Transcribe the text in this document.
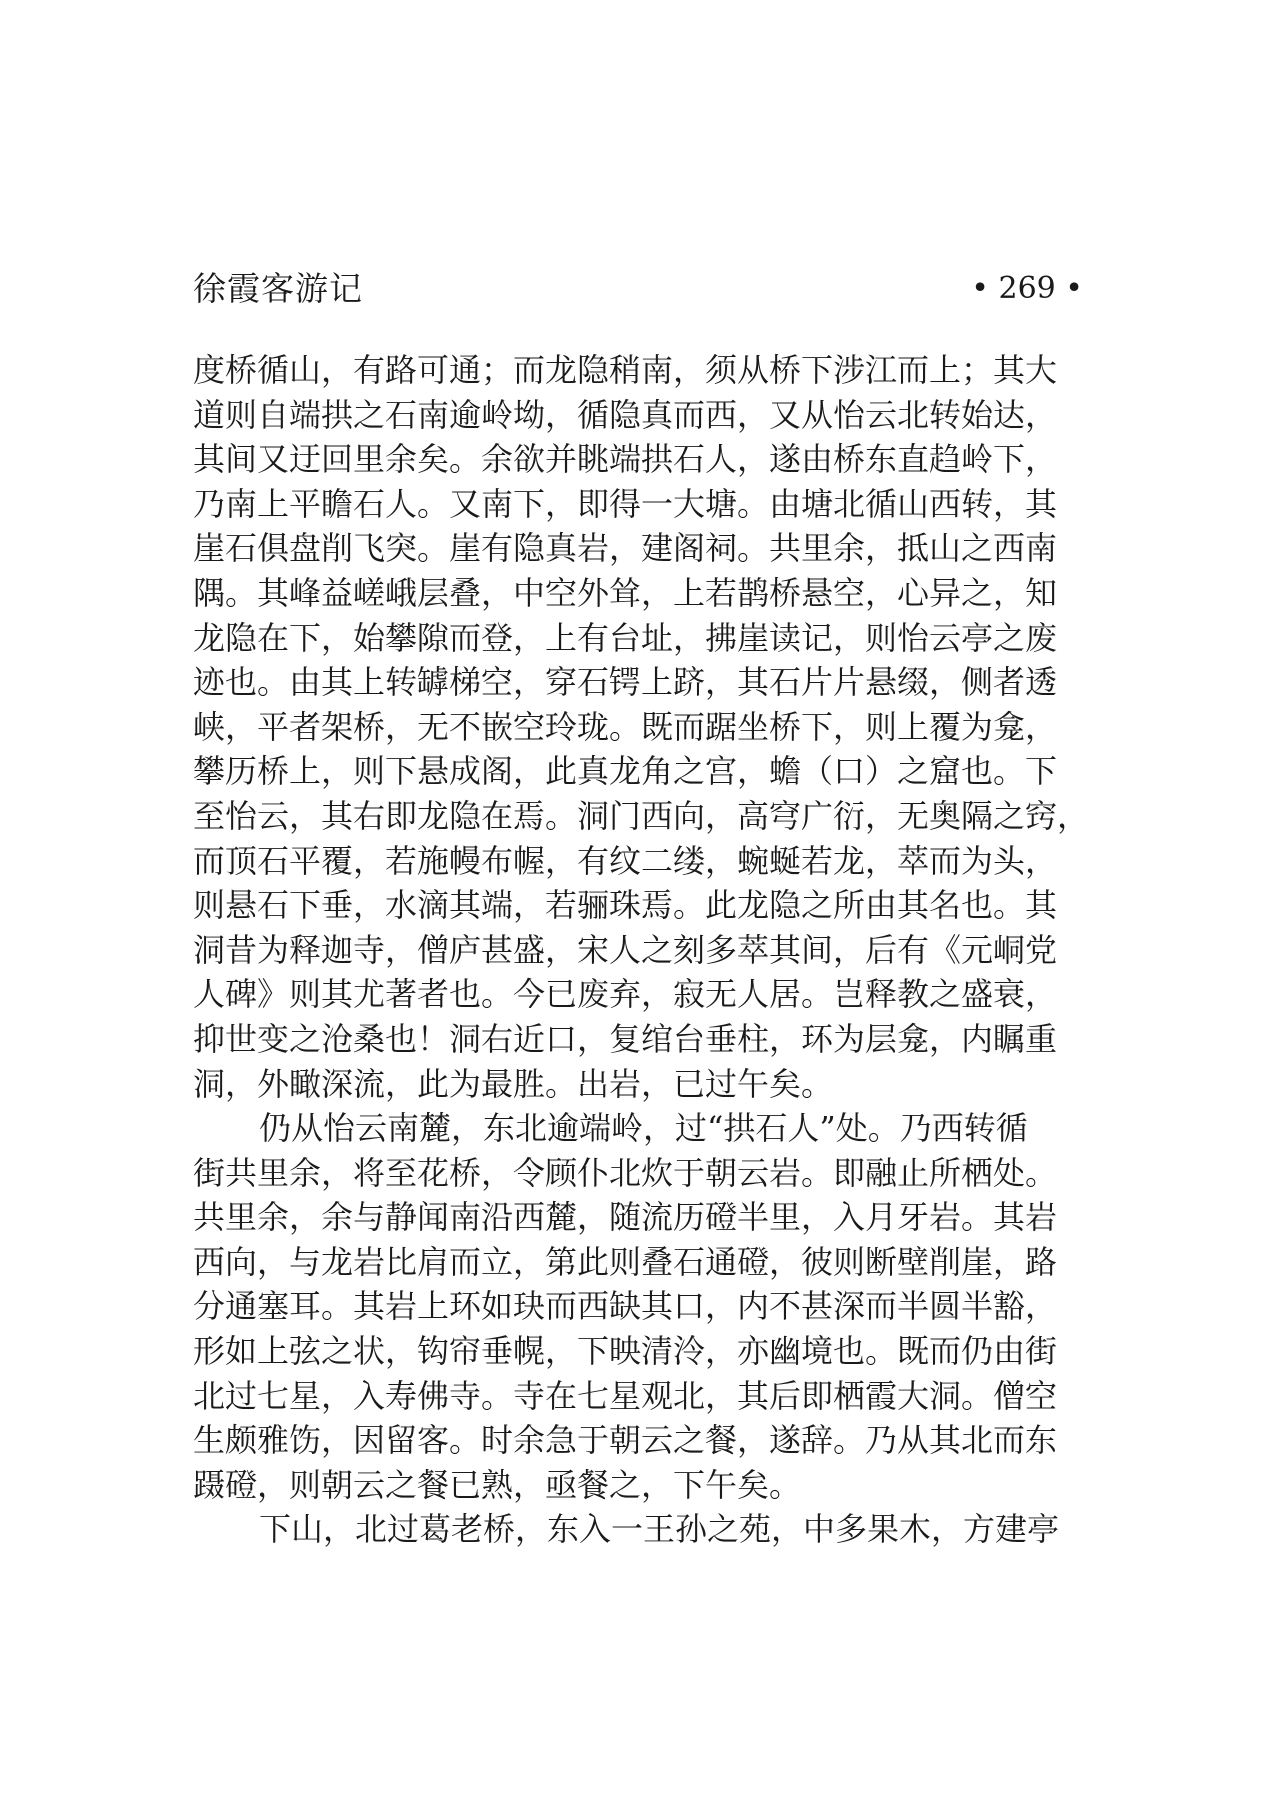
徐霞客游记	• 269 •
度桥循山，有路可通；而龙隐稍南，须从桥下涉江而上；其大
道则自端拱之石南逾岭坳，循隐真而西，又从怡云北转始达，
其间又迂回里余矣。余欲并眺端拱石人，遂由桥东直趋岭下，
乃南上平瞻石人。又南下，即得一大塘。由塘北循山西转，其
崖石俱盘削飞突。崖有隐真岩，建阁祠。共里余，抵山之西南
隅。其峰益嵯峨层叠，中空外耸，上若鹊桥悬空，心异之，知
龙隐在下，始攀隙而登，上有台址，拂崖读记，则怡云亭之废
迹也。由其上转罅梯空，穿石锷上跻，其石片片悬缀，侧者透
峡，平者架桥，无不嵌空玲珑。既而踞坐桥下，则上覆为龛，
攀历桥上，则下悬成阁，此真龙角之宫，蟾（口）之窟也。下
至怡云，其右即龙隐在焉。洞门西向，高穹广衍，无奥隔之窍，
而顶石平覆，若施幔布幄，有纹二缕，蜿蜒若龙，萃而为头，
则悬石下垂，水滴其端，若骊珠焉。此龙隐之所由其名也。其
洞昔为释迦寺，僧庐甚盛，宋人之刻多萃其间，后有《元峒党
人碑》则其尤著者也。今已废弃，寂无人居。岂释教之盛衰，
抑世变之沧桑也！洞右近口，复绾台垂柱，环为层龛，内瞩重
洞，外瞰深流，此为最胜。出岩，已过午矣。
仍从怡云南麓，东北逾端岭，过“拱石人”处。乃西转循
街共里余，将至花桥，令顾仆北炊于朝云岩。即融止所栖处。
共里余，余与静闻南沿西麓，随流历磴半里，入月牙岩。其岩
西向，与龙岩比肩而立，第此则叠石通磴，彼则断壁削崖，路
分通塞耳。其岩上环如玦而西缺其口，内不甚深而半圆半豁，
形如上弦之状，钩帘垂幌，下映清泠，亦幽境也。既而仍由街
北过七星，入寿佛寺。寺在七星观北，其后即栖霞大洞。僧空
生颇雅饬，因留客。时余急于朝云之餐，遂辞。乃从其北而东
蹑磴，则朝云之餐已熟，亟餐之，下午矣。
下山，北过葛老桥，东入一王孙之苑，中多果木，方建亭
